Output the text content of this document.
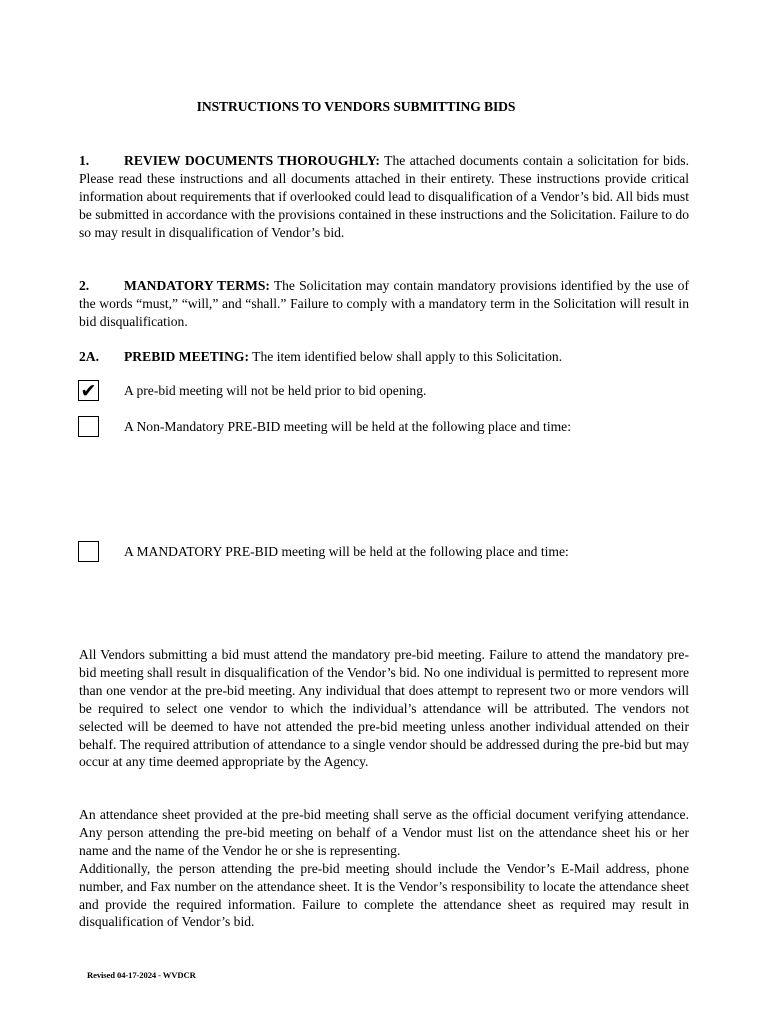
INSTRUCTIONS TO VENDORS SUBMITTING BIDS

1.	REVIEW DOCUMENTS THOROUGHLY: The attached documents contain a solicitation for bids. Please read these instructions and all documents attached in their entirety. These instructions provide critical information about requirements that if overlooked could lead to disqualification of a Vendor’s bid. All bids must be submitted in accordance with the provisions contained in these instructions and the Solicitation. Failure to do so may result in disqualification of Vendor’s bid.

2.	MANDATORY TERMS: The Solicitation may contain mandatory provisions identified by the use of the words “must,” “will,” and “shall.” Failure to comply with a mandatory term in the Solicitation will result in bid disqualification.

2A. PREBID MEETING: The item identified below shall apply to this Solicitation.

✔ A pre-bid meeting will not be held prior to bid opening.
A Non-Mandatory PRE-BID meeting will be held at the following place and time:
A MANDATORY PRE-BID meeting will be held at the following place and time:

All Vendors submitting a bid must attend the mandatory pre-bid meeting. Failure to attend the mandatory pre-bid meeting shall result in disqualification of the Vendor’s bid. No one individual is permitted to represent more than one vendor at the pre-bid meeting. Any individual that does attempt to represent two or more vendors will be required to select one vendor to which the individual’s attendance will be attributed. The vendors not selected will be deemed to have not attended the pre-bid meeting unless another individual attended on their behalf. The required attribution of attendance to a single vendor should be addressed during the pre-bid but may occur at any time deemed appropriate by the Agency.

An attendance sheet provided at the pre-bid meeting shall serve as the official document verifying attendance. Any person attending the pre-bid meeting on behalf of a Vendor must list on the attendance sheet his or her name and the name of the Vendor he or she is representing.
Additionally, the person attending the pre-bid meeting should include the Vendor’s E-Mail address, phone number, and Fax number on the attendance sheet. It is the Vendor’s responsibility to locate the attendance sheet and provide the required information. Failure to complete the attendance sheet as required may result in disqualification of Vendor’s bid.

Revised 04-17-2024 - WVDCR
